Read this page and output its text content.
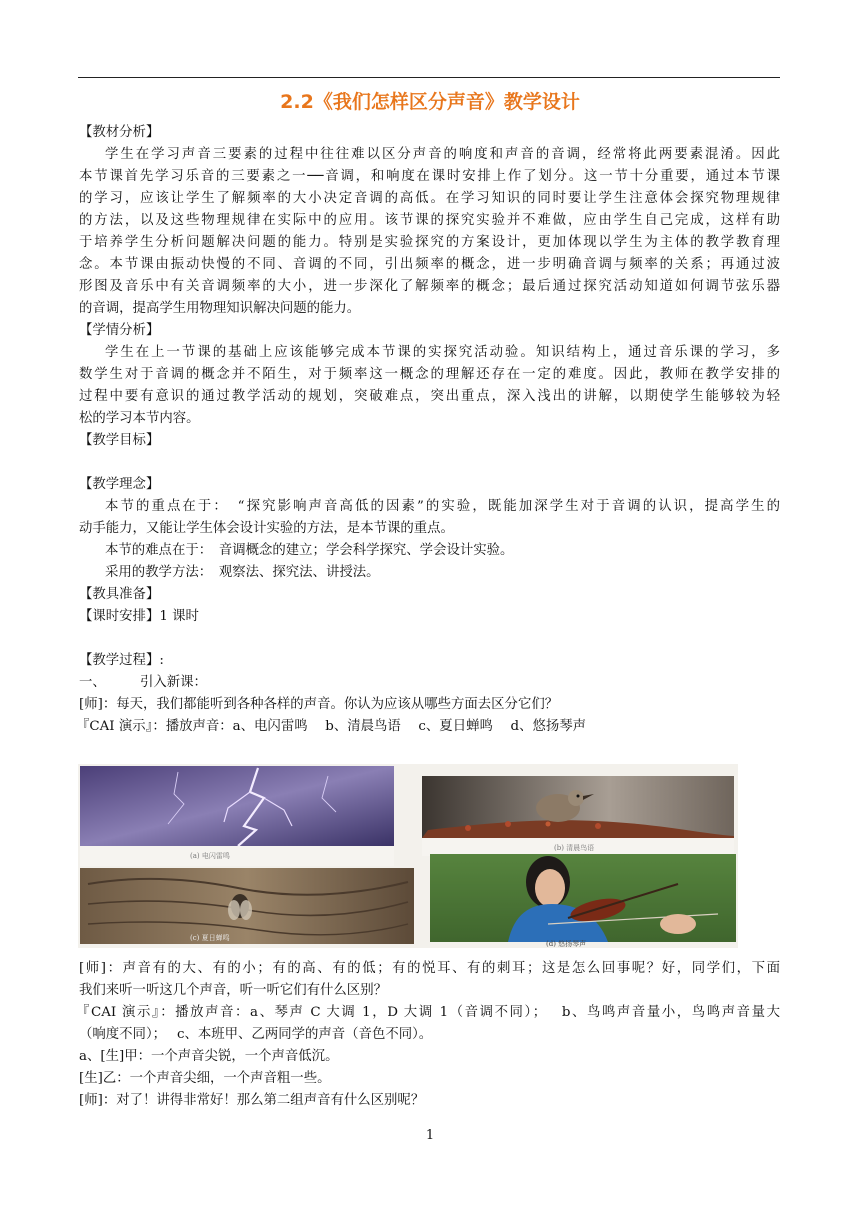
2.2《我们怎样区分声音》教学设计
【教材分析】
学生在学习声音三要素的过程中往往难以区分声音的响度和声音的音调，经常将此两要素混淆。因此
本节课首先学习乐音的三要素之一──音调，和响度在课时安排上作了划分。这一节十分重要，通过本节课
的学习，应该让学生了解频率的大小决定音调的高低。在学习知识的同时要让学生注意体会探究物理规律
的方法，以及这些物理规律在实际中的应用。该节课的探究实验并不难做，应由学生自己完成，这样有助
于培养学生分析问题解决问题的能力。特别是实验探究的方案设计，更加体现以学生为主体的教学教育理
念。本节课由振动快慢的不同、音调的不同，引出频率的概念，进一步明确音调与频率的关系；再通过波
形图及音乐中有关音调频率的大小，进一步深化了解频率的概念；最后通过探究活动知道如何调节弦乐器
的音调，提高学生用物理知识解决问题的能力。
【学情分析】
学生在上一节课的基础上应该能够完成本节课的实探究活动验。知识结构上，通过音乐课的学习，多
数学生对于音调的概念并不陌生，对于频率这一概念的理解还存在一定的难度。因此，教师在教学安排的
过程中要有意识的通过教学活动的规划，突破难点，突出重点，深入浅出的讲解，以期使学生能够较为轻
松的学习本节内容。
【教学目标】
【教学理念】
本节的重点在于：　“探究影响声音高低的因素”的实验，既能加深学生对于音调的认识，提高学生的
动手能力，又能让学生体会设计实验的方法，是本节课的重点。
本节的难点在于：　音调概念的建立；学会科学探究、学会设计实验。
采用的教学方法：　观察法、探究法、讲授法。
【教具准备】
【课时安排】1 课时
【教学过程】:
一、	引入新课：
[师]：每天，我们都能听到各种各样的声音。你认为应该从哪些方面去区分它们？
『CAI 演示』：播放声音：a、电闪雷鸣　 b、清晨鸟语　 c、夏日蝉鸣　 d、悠扬琴声
(a) 电闪雷鸣
(b) 清晨鸟语
(c) 夏日蝉鸣
(d) 悠扬琴声
[师]：声音有的大、有的小；有的高、有的低；有的悦耳、有的刺耳；这是怎么回事呢？好，同学们，下面
我们来听一听这几个声音，听一听它们有什么区别？
『CAI 演示』：播放声音：a、琴声 C 大调 1，D 大调 1（音调不同）；　 b、鸟鸣声音量小，鸟鸣声音量大
（响度不同）；　 c、本班甲、乙两同学的声音（音色不同）。
a、[生]甲：一个声音尖锐，一个声音低沉。
[生]乙：一个声音尖细，一个声音粗一些。
[师]：对了！讲得非常好！那么第二组声音有什么区别呢？
1
